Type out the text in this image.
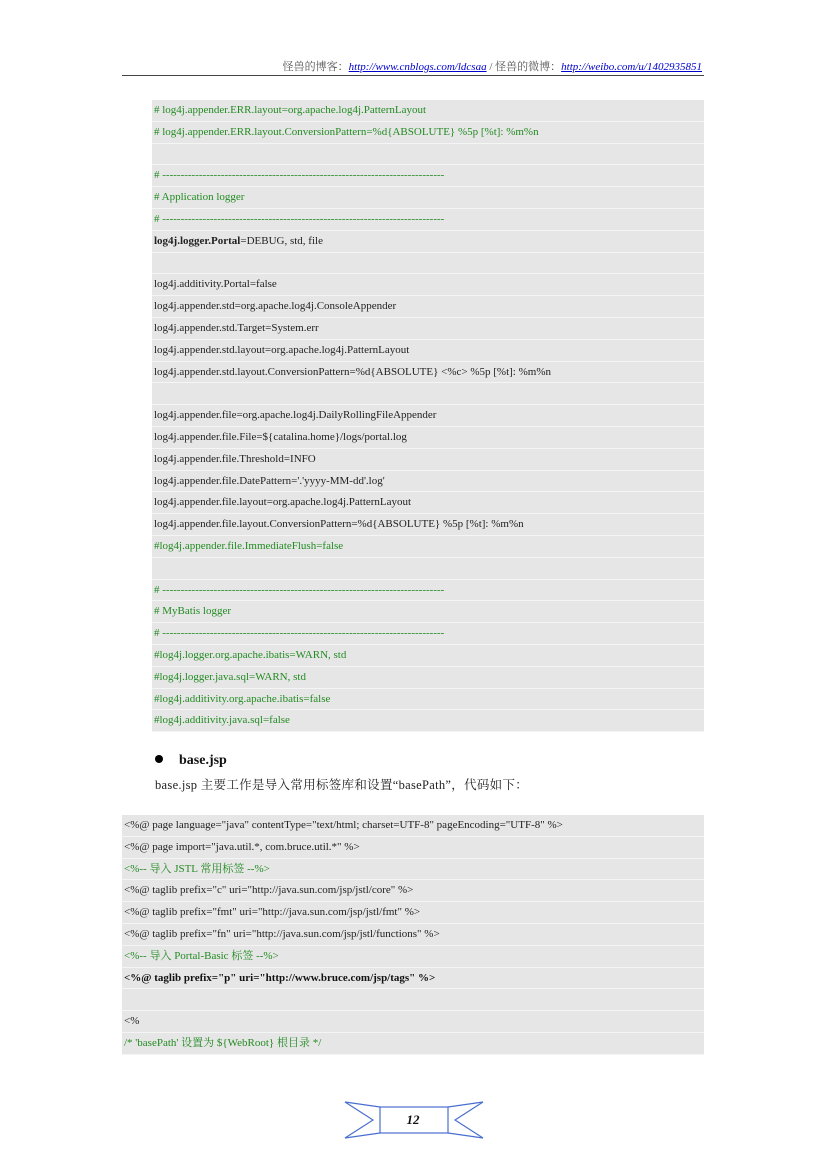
怪兽的博客：http://www.cnblogs.com/ldcsaa / 怪兽的微博：http://weibo.com/u/1402935851
# log4j.appender.ERR.layout=org.apache.log4j.PatternLayout
# log4j.appender.ERR.layout.ConversionPattern=%d{ABSOLUTE} %5p [%t]: %m%n
# -----------------------------------------------------------------------------
# Application logger
# -----------------------------------------------------------------------------
log4j.logger.Portal=DEBUG, std, file
log4j.additivity.Portal=false
log4j.appender.std=org.apache.log4j.ConsoleAppender
log4j.appender.std.Target=System.err
log4j.appender.std.layout=org.apache.log4j.PatternLayout
log4j.appender.std.layout.ConversionPattern=%d{ABSOLUTE} <%c> %5p [%t]: %m%n
log4j.appender.file=org.apache.log4j.DailyRollingFileAppender
log4j.appender.file.File=${catalina.home}/logs/portal.log
log4j.appender.file.Threshold=INFO
log4j.appender.file.DatePattern='.'yyyy-MM-dd'.log'
log4j.appender.file.layout=org.apache.log4j.PatternLayout
log4j.appender.file.layout.ConversionPattern=%d{ABSOLUTE} %5p [%t]: %m%n
#log4j.appender.file.ImmediateFlush=false
# -----------------------------------------------------------------------------
# MyBatis logger
# -----------------------------------------------------------------------------
#log4j.logger.org.apache.ibatis=WARN, std
#log4j.logger.java.sql=WARN, std
#log4j.additivity.org.apache.ibatis=false
#log4j.additivity.java.sql=false
base.jsp
base.jsp 主要工作是导入常用标签库和设置“basePath”，代码如下：
<%@ page language="java" contentType="text/html; charset=UTF-8" pageEncoding="UTF-8" %>
<%@ page import="java.util.*, com.bruce.util.*" %>
<%-- 导入 JSTL 常用标签 --%>
<%@ taglib prefix="c" uri="http://java.sun.com/jsp/jstl/core" %>
<%@ taglib prefix="fmt" uri="http://java.sun.com/jsp/jstl/fmt" %>
<%@ taglib prefix="fn" uri="http://java.sun.com/jsp/jstl/functions" %>
<%-- 导入 Portal-Basic 标签 --%>
<%@ taglib prefix="p" uri="http://www.bruce.com/jsp/tags" %>
<%
/* 'basePath' 设置为 ${WebRoot} 根目录 */
12
